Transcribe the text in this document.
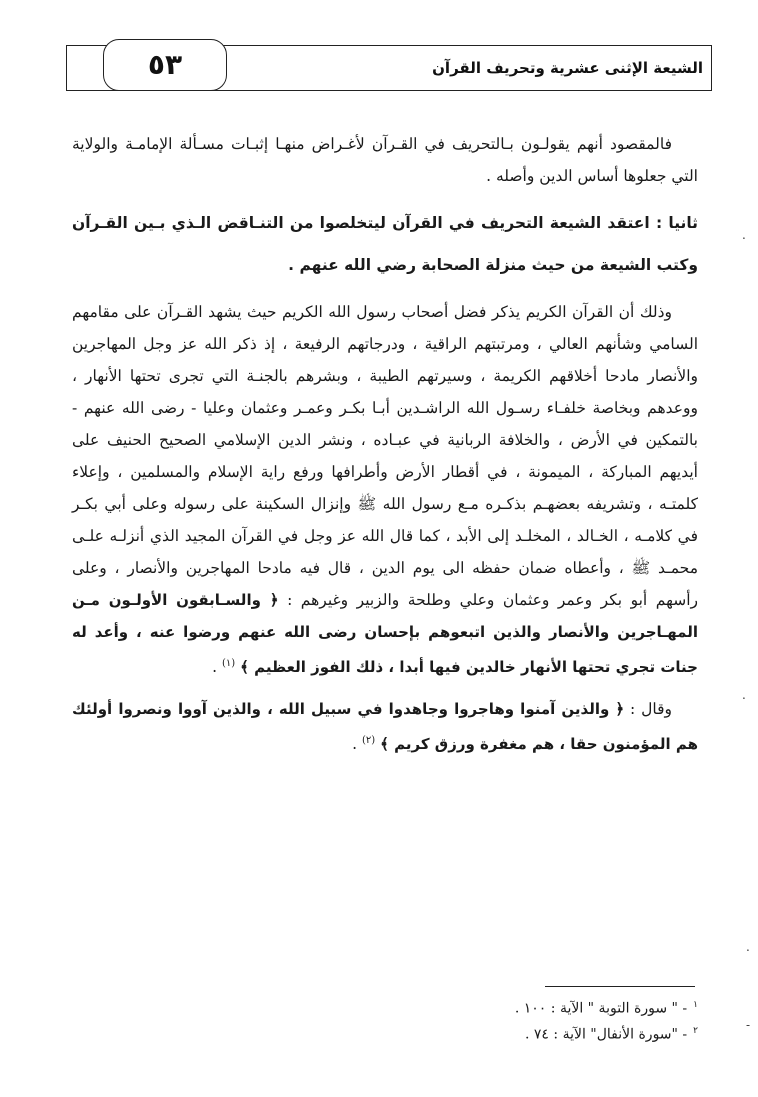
٥٣	الشيعة الإثنى عشرية وتحريف القرآن

فالمقصود أنهم يقولـون بـالتحريف في القـرآن لأغـراض منهـا إثبـات مسـألة الإمامـة والولاية التي جعلوها أساس الدين وأصله .

ثانيا : اعتقد الشيعة التحريف في القرآن ليتخلصوا من التنـاقض الـذي بـين القـرآن وكتب الشيعة من حيث منزلة الصحابة رضي الله عنهم .

وذلك أن القرآن الكريم يذكر فضل أصحاب رسول الله الكريم حيث يشهد القـرآن على مقامهم السامي وشأنهم العالي ، ومرتبتهم الراقية ، ودرجاتهم الرفيعة ، إذ ذكر الله عز وجل المهاجرين والأنصار مادحا أخلاقهم الكريمة ، وسيرتهم الطيبة ، وبشرهم بالجنـة التي تجرى تحتها الأنهار ، ووعدهم وبخاصة خلفـاء رسـول الله الراشـدين أبـا بكـر وعمـر وعثمان وعليا - رضى الله عنهم - بالتمكين في الأرض ، والخلافة الربانية في عبـاده ، ونشر الدين الإسلامي الصحيح الحنيف على أيديهم المباركة ، الميمونة ، في أقطار الأرض وأطرافها ورفع راية الإسلام والمسلمين ، وإعلاء كلمتـه ، وتشريفه بعضهـم بذكـره مـع رسول الله ﷺ وإنزال السكينة على رسوله وعلى أبي بكـر في كلامـه ، الخـالد ، المخلـد إلى الأبد ، كما قال الله عز وجل في القرآن المجيد الذي أنزلـه علـى محمـد ﷺ ، وأعطاه ضمان حفظه الى يوم الدين ، قال فيه مادحا المهاجرين والأنصار ، وعلى رأسهم أبو بكر وعمر وعثمان وعلي وطلحة والزبير وغيرهم : ﴿ والسـابقون الأولـون مـن المهـاجرين والأنصار والذين اتبعوهم بإحسان رضى الله عنهم ورضوا عنه ، وأعد له جنات تجري تحتها الأنهار خالدين فيها أبدا ، ذلك الفوز العظيم ﴾ $^{(١)}$ .

وقال : ﴿ والذين آمنوا وهاجروا وجاهدوا في سبيل الله ، والذين آووا ونصروا أولئك هم المؤمنون حقا ، هم مغفرة ورزق كريم ﴾ $^{(٢)}$ .

$^١$- " سورة التوبة " الآية : ١٠٠ .

$^٢$- "سورة الأنفال" الآية : ٧٤ .

.
.
.
-
